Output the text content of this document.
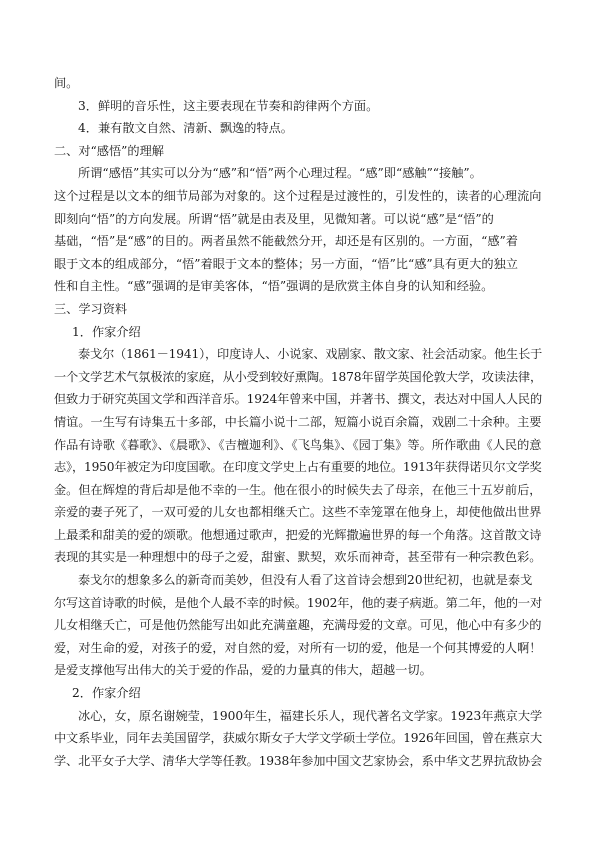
间。
3．鲜明的音乐性，这主要表现在节奏和韵律两个方面。
4．兼有散文自然、清新、飘逸的特点。
二、对“感悟”的理解
所谓“感悟”其实可以分为“感”和“悟”两个心理过程。“感”即“感触”“接触”。
这个过程是以文本的细节局部为对象的。这个过程是过渡性的，引发性的，读者的心理流向
即刻向“悟”的方向发展。所谓“悟”就是由表及里，见微知著。可以说“感”是“悟”的
基础，“悟”是“感”的目的。两者虽然不能截然分开，却还是有区别的。一方面，“感”着
眼于文本的组成部分，“悟”着眼于文本的整体；另一方面，“悟”比“感”具有更大的独立
性和自主性。“感”强调的是审美客体，“悟”强调的是欣赏主体自身的认知和经验。
三、学习资料
1．作家介绍
泰戈尔（1861－1941），印度诗人、小说家、戏剧家、散文家、社会活动家。他生长于
一个文学艺术气氛极浓的家庭，从小受到较好熏陶。1878年留学英国伦敦大学，攻读法律，
但致力于研究英国文学和西洋音乐。1924年曾来中国，并著书、撰文，表达对中国人人民的
情谊。一生写有诗集五十多部，中长篇小说十二部，短篇小说百余篇，戏剧二十余种。主要
作品有诗歌《暮歌》、《晨歌》、《吉檀迦利》、《飞鸟集》、《园丁集》等。所作歌曲《人民的意
志》，1950年被定为印度国歌。在印度文学史上占有重要的地位。1913年获得诺贝尔文学奖
金。但在辉煌的背后却是他不幸的一生。他在很小的时候失去了母亲，在他三十五岁前后，
亲爱的妻子死了，一双可爱的儿女也都相继夭亡。这些不幸笼罩在他身上，却使他做出世界
上最柔和甜美的爱的颂歌。他想通过歌声，把爱的光辉撒遍世界的每一个角落。这首散文诗
表现的其实是一种理想中的母子之爱，甜蜜、默契，欢乐而神奇，甚至带有一种宗教色彩。
泰戈尔的想象多么的新奇而美妙，但没有人看了这首诗会想到20世纪初，也就是泰戈
尔写这首诗歌的时候，是他个人最不幸的时候。1902年，他的妻子病逝。第二年，他的一对
儿女相继夭亡，可是他仍然能写出如此充满童趣，充满母爱的文章。可见，他心中有多少的
爱，对生命的爱，对孩子的爱，对自然的爱，对所有一切的爱，他是一个何其博爱的人啊！
是爱支撑他写出伟大的关于爱的作品，爱的力量真的伟大，超越一切。
2．作家介绍
冰心，女，原名谢婉莹，1900年生，福建长乐人，现代著名文学家。1923年燕京大学
中文系毕业，同年去美国留学，获威尔斯女子大学文学硕士学位。1926年回国，曾在燕京大
学、北平女子大学、清华大学等任教。1938年参加中国文艺家协会，系中华文艺界抗敌协会
